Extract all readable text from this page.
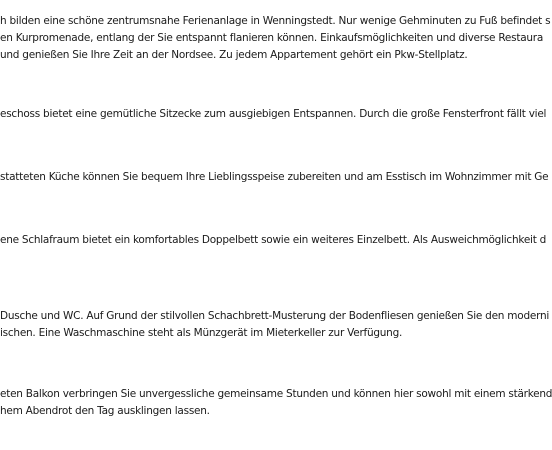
h bilden eine schöne zentrumsnahe Ferienanlage in Wenningstedt. Nur wenige Gehminuten zu Fuß befindet s

en Kurpromenade, entlang der Sie entspannt flanieren können. Einkaufsmöglichkeiten und diverse Restaura

und genießen Sie Ihre Zeit an der Nordsee. Zu jedem Appartement gehört ein Pkw-Stellplatz.

eschoss bietet eine gemütliche Sitzecke zum ausgiebigen Entspannen. Durch die große Fensterfront fällt viel

statteten Küche können Sie bequem Ihre Lieblingsspeise zubereiten und am Esstisch im Wohnzimmer mit Ge

ene Schlafraum bietet ein komfortables Doppelbett sowie ein weiteres Einzelbett. Als Ausweichmöglichkeit d

Dusche und WC. Auf Grund der stilvollen Schachbrett-Musterung der Bodenfliesen genießen Sie den moderni

ischen. Eine Waschmaschine steht als Münzgerät im Mieterkeller zur Verfügung.

eten Balkon verbringen Sie unvergessliche gemeinsame Stunden und können hier sowohl mit einem stärkend

hem Abendrot den Tag ausklingen lassen.
